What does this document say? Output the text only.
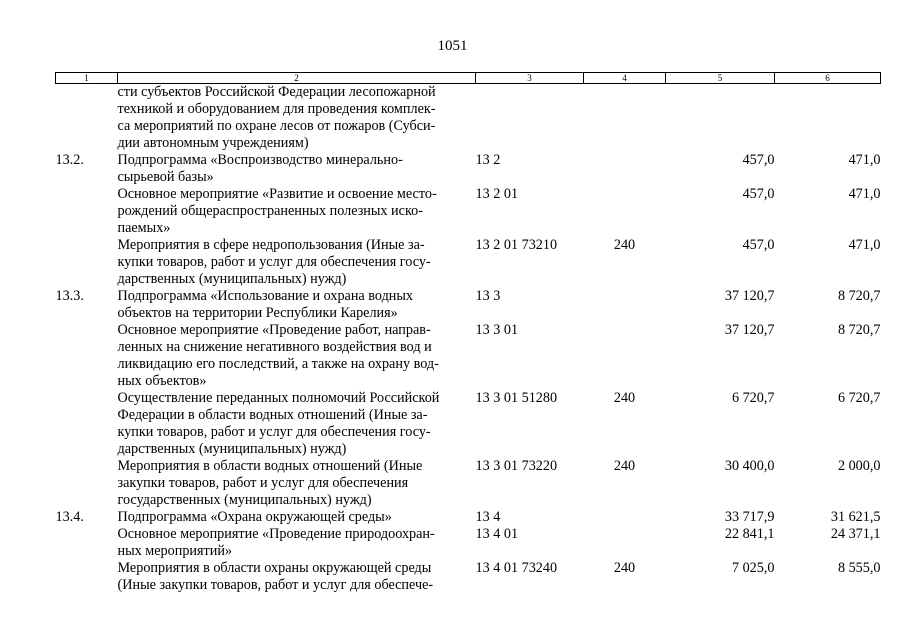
1051
1	2	3	4	5	6

	сти субъектов Российской Федерации лесопожарной
техникой и оборудованием для проведения комплек-
са мероприятий по охране лесов от пожаров (Субси-
дии автономным учреждениям)				

13.2.	Подпрограмма «Воспроизводство минерально-
сырьевой базы»	13 2		457,0	471,0

	Основное мероприятие «Развитие и освоение место-
рождений общераспространенных полезных иско-
паемых»	13 2 01		457,0	471,0

	Мероприятия в сфере недропользования (Иные за-
купки товаров, работ и услуг для обеспечения госу-
дарственных (муниципальных) нужд)	13 2 01 73210	240	457,0	471,0
13.3.	Подпрограмма «Использование и охрана водных
объектов на территории Республики Карелия»	13 3		37 120,7	8 720,7

	Основное мероприятие «Проведение работ, направ-
ленных на снижение негативного воздействия вод и
ликвидацию его последствий, а также на охрану вод-
ных объектов»	13 3 01		37 120,7	8 720,7

	Осуществление переданных полномочий Российской
Федерации в области водных отношений (Иные за-
купки товаров, работ и услуг для обеспечения госу-
дарственных (муниципальных) нужд)	13 3 01 51280	240	6 720,7	6 720,7

	Мероприятия в области водных отношений (Иные
закупки товаров, работ и услуг для обеспечения
государственных (муниципальных) нужд)	13 3 01 73220	240	30 400,0	2 000,0
13.4.	Подпрограмма «Охрана окружающей среды»	13 4		33 717,9	31 621,5

	Основное мероприятие «Проведение природоохран-
ных мероприятий»	13 4 01		22 841,1	24 371,1

	Мероприятия в области охраны окружающей среды
(Иные закупки товаров, работ и услуг для обеспече-	13 4 01 73240	240	7 025,0	8 555,0
